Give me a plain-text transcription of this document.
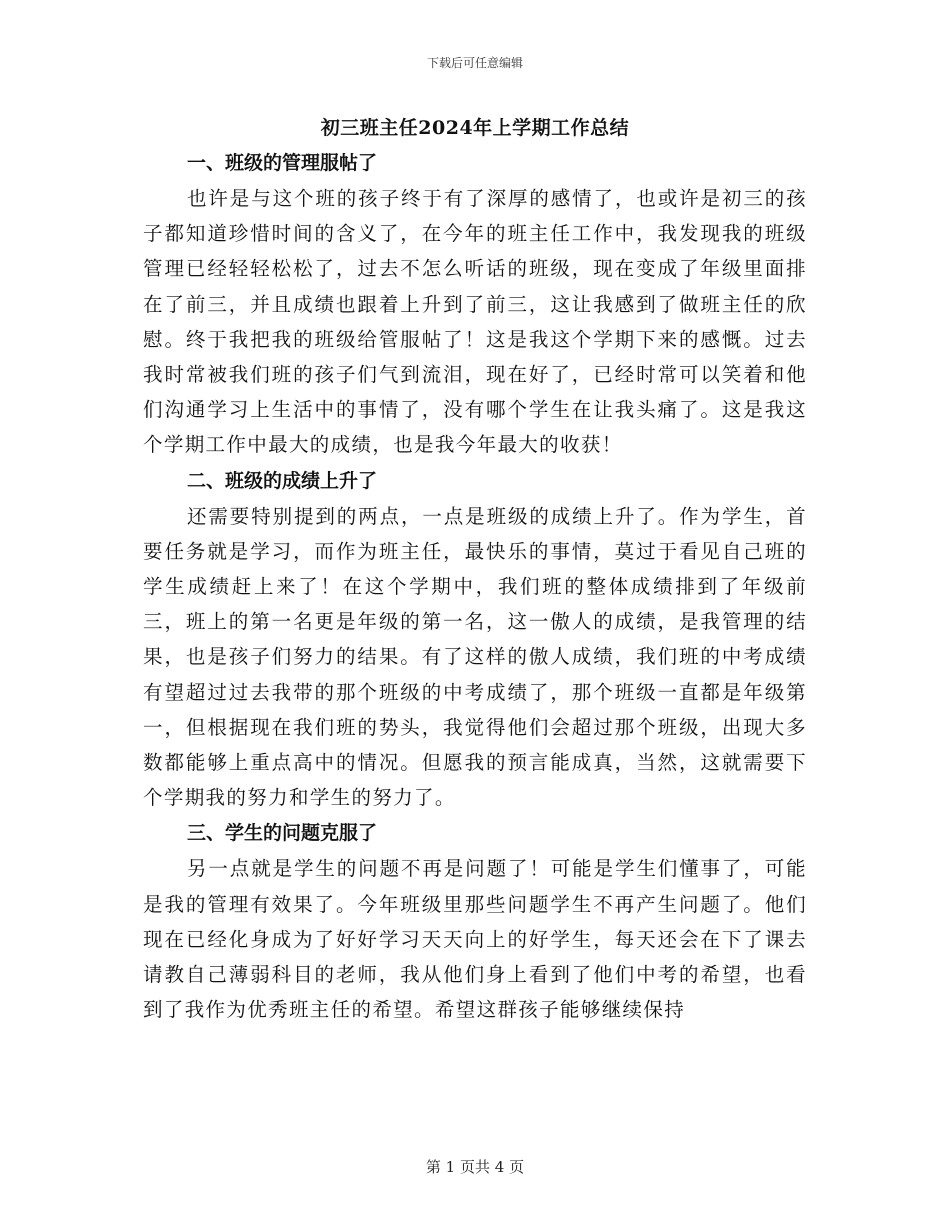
下载后可任意编辑
初三班主任2024年上学期工作总结

一、班级的管理服帖了

也许是与这个班的孩子终于有了深厚的感情了，也或许是初三的孩子都知道珍惜时间的含义了，在今年的班主任工作中，我发现我的班级管理已经轻轻松松了，过去不怎么听话的班级，现在变成了年级里面排在了前三，并且成绩也跟着上升到了前三，这让我感到了做班主任的欣慰。终于我把我的班级给管服帖了！这是我这个学期下来的感慨。过去我时常被我们班的孩子们气到流泪，现在好了，已经时常可以笑着和他们沟通学习上生活中的事情了，没有哪个学生在让我头痛了。这是我这个学期工作中最大的成绩，也是我今年最大的收获！

二、班级的成绩上升了

还需要特别提到的两点，一点是班级的成绩上升了。作为学生，首要任务就是学习，而作为班主任，最快乐的事情，莫过于看见自己班的学生成绩赶上来了！在这个学期中，我们班的整体成绩排到了年级前三，班上的第一名更是年级的第一名，这一傲人的成绩，是我管理的结果，也是孩子们努力的结果。有了这样的傲人成绩，我们班的中考成绩有望超过过去我带的那个班级的中考成绩了，那个班级一直都是年级第一，但根据现在我们班的势头，我觉得他们会超过那个班级，出现大多数都能够上重点高中的情况。但愿我的预言能成真，当然，这就需要下个学期我的努力和学生的努力了。

三、学生的问题克服了

另一点就是学生的问题不再是问题了！可能是学生们懂事了，可能是我的管理有效果了。今年班级里那些问题学生不再产生问题了。他们现在已经化身成为了好好学习天天向上的好学生，每天还会在下了课去请教自己薄弱科目的老师，我从他们身上看到了他们中考的希望，也看到了我作为优秀班主任的希望。希望这群孩子能够继续保持

第 1 页共 4 页
